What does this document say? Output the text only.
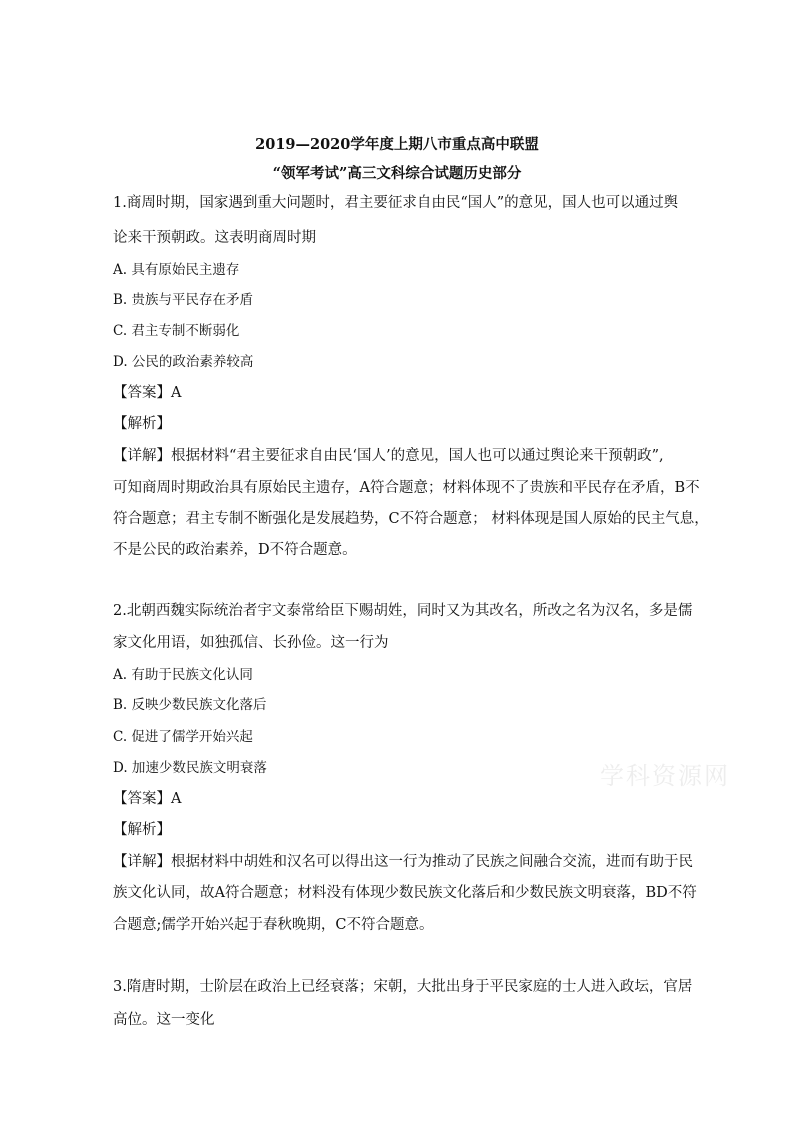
2019—2020学年度上期八市重点高中联盟
“领军考试”高三文科综合试题历史部分
1.商周时期，国家遇到重大问题时，君主要征求自由民“国人”的意见，国人也可以通过舆
论来干预朝政。这表明商周时期
A. 具有原始民主遗存
B. 贵族与平民存在矛盾
C. 君主专制不断弱化
D. 公民的政治素养较高
【答案】A
【解析】
【详解】根据材料“君主要征求自由民‘国人’的意见，国人也可以通过舆论来干预朝政”,
可知商周时期政治具有原始民主遗存，A符合题意；材料体现不了贵族和平民存在矛盾，B不
符合题意；君主专制不断强化是发展趋势，C不符合题意； 材料体现是国人原始的民主气息，
不是公民的政治素养，D不符合题意。
2.北朝西魏实际统治者宇文泰常给臣下赐胡姓，同时又为其改名，所改之名为汉名，多是儒
家文化用语，如独孤信、长孙俭。这一行为
A. 有助于民族文化认同
B. 反映少数民族文化落后
C. 促进了儒学开始兴起
D. 加速少数民族文明衰落
【答案】A
【解析】
【详解】根据材料中胡姓和汉名可以得出这一行为推动了民族之间融合交流，进而有助于民
族文化认同，故A符合题意；材料没有体现少数民族文化落后和少数民族文明衰落，BD不符
合题意;儒学开始兴起于春秋晚期，C不符合题意。
3.隋唐时期，士阶层在政治上已经衰落；宋朝，大批出身于平民家庭的士人进入政坛，官居
高位。这一变化
学科资源网
